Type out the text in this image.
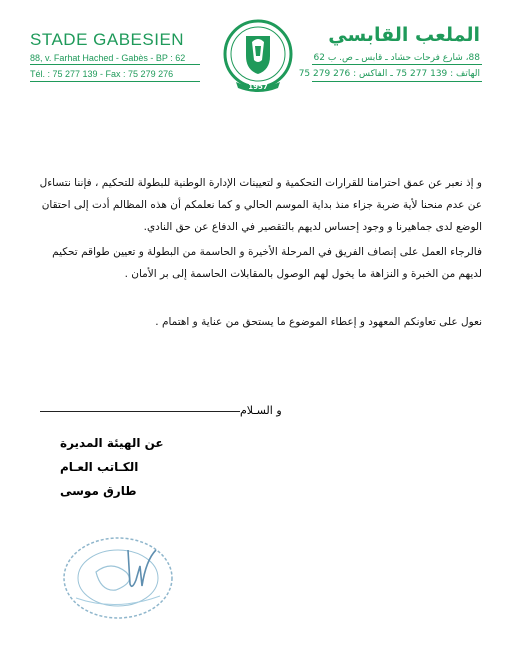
STADE GABESIEN
88, v. Farhat Hached - Gabès - BP : 62
Tél. : 75 277 139 - Fax : 75 279 276
1957
الملعب القابسي
88، شارع فرحات حشاد ـ قابس ـ ص. ب 62
الهاتف : 139 277 75 ـ الفاكس : 276 279 75
و إذ نعبر عن عمق احترامنا للقرارات التحكمية و لتعيينات الإدارة الوطنية للبطولة للتحكيم ، فإننا نتساءل عن عدم منحنا لأية ضربة جزاء منذ بداية الموسم الحالي و كما نعلمكم أن هذه المظالم أدت إلى احتقان الوضع لدى جماهيرنا و وجود إحساس لديهم بالتقصير في الدفاع عن حق النادي.
فالرجاء العمل على إنصاف الفريق في المرحلة الأخيرة و الحاسمة من البطولة و تعيين طواقم تحكيم لديهم من الخبرة و النزاهة ما يخول لهم الوصول بالمقابلات الحاسمة إلى بر الأمان .
نعول على تعاونكم المعهود و إعطاء الموضوع ما يستحق من عناية و اهتمام .
و السـلام
عن الهيئة المديرة
الكـاتب العـام
طارق موسى
